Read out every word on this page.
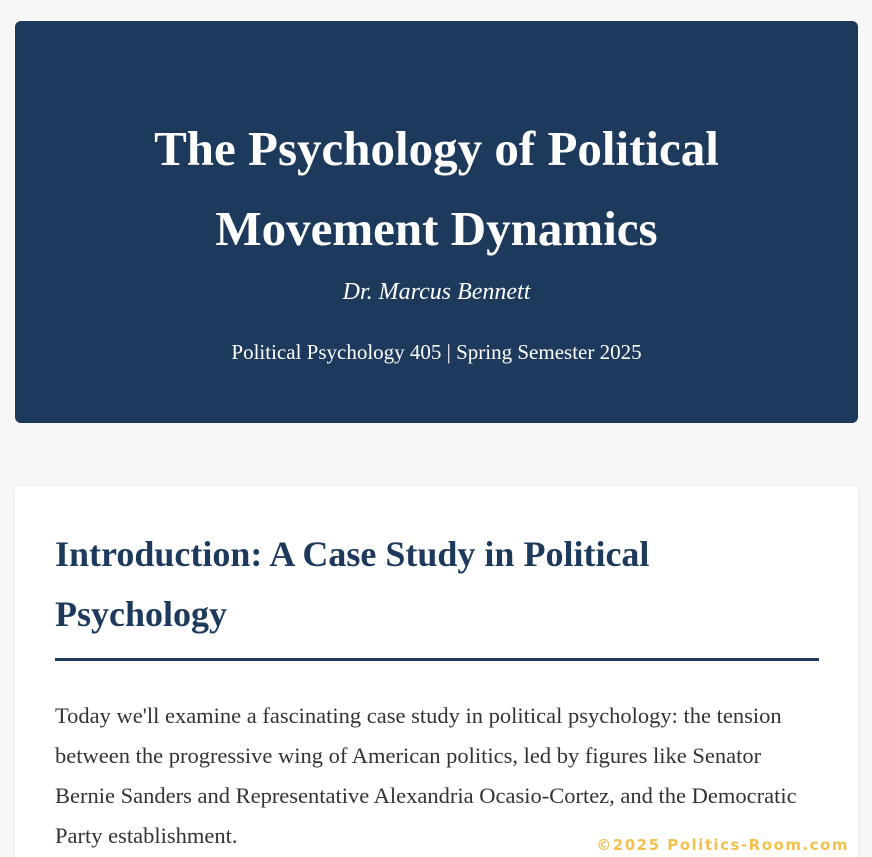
The Psychology of Political Movement Dynamics
Dr. Marcus Bennett
Political Psychology 405 | Spring Semester 2025
Introduction: A Case Study in Political Psychology

Today we'll examine a fascinating case study in political psychology: the tension between the progressive wing of American politics, led by figures like Senator Bernie Sanders and Representative Alexandria Ocasio-Cortez, and the Democratic Party establishment.	©2025 Politics-Room.com
